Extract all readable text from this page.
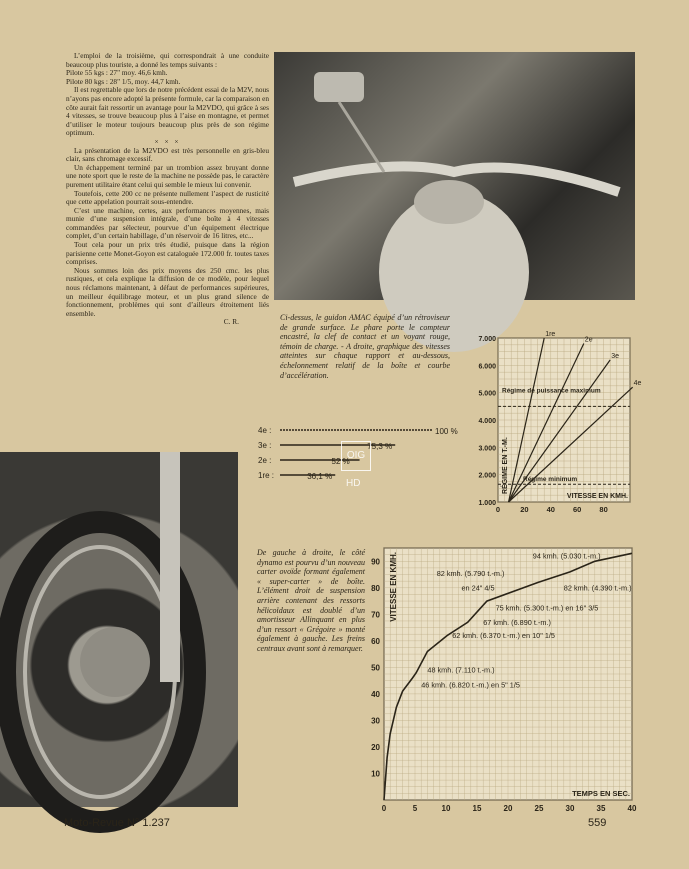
L’emploi de la troisième, qui correspondrait à une conduite beaucoup plus touriste, a donné les temps suivants :
Pilote 55 kgs : 27" moy. 46,6 kmh.
Pilote 80 kgs : 28" 1/5, moy. 44,7 kmh.

Il est regrettable que lors de notre précédent essai de la M2V, nous n’ayons pas encore adopté la présente formule, car la comparaison en côte aurait fait ressortir un avantage pour la M2VDO, qui grâce à ses 4 vitesses, se trouve beaucoup plus à l’aise en montagne, et permet d’utiliser le moteur toujours beaucoup plus près de son régime optimum.

× × ×

La présentation de la M2VDO est très personnelle en gris-bleu clair, sans chromage excessif.

Un échappement terminé par un trombion assez bruyant donne une note sport que le reste de la machine ne possède pas, le caractère purement utilitaire étant celui qui semble le mieux lui convenir.

Toutefois, cette 200 cc ne présente nullement l’aspect de rusticité que cette appelation pourrait sous-entendre.

C’est une machine, certes, aux performances moyennes, mais munie d’une suspension intégrale, d’une boîte à 4 vitesses commandées par sélecteur, pourvue d’un équipement électrique complet, d’un certain habillage, d’un réservoir de 16 litres, etc...

Tout cela pour un prix très étudié, puisque dans la région parisienne cette Monet-Goyon est cataloguée 172.000 fr. toutes taxes comprises.

Nous sommes loin des prix moyens des 250 cmc. les plus rustiques, et cela explique la diffusion de ce modèle, pour lequel nous réclamons maintenant, à défaut de performances supérieures, un meilleur équilibrage moteur, et un plus grand silence de fonctionnement, problèmes qui sont d’ailleurs étroitement liés ensemble.

C. R.	Ci-dessus, le guidon AMAC équipé d’un rétroviseur de grande surface. Le phare porte le compteur encastré, la clef de contact et un voyant rouge, témoin de charge. - A droite, graphique des vitesses atteintes sur chaque rapport et au-dessous, échelonnement relatif de la boîte et courbe d’accélération.
1.000
2.000
3.000
4.000
5.000
6.000
7.000
0	20 40 60 80
1re
2e
3e
4e
Régime de puissance maximum
Régime minimum
VITESSE EN KMH.
RÉGIME EN T.-M.
4e :	100 %
3e :	75,3 %
2e :	52 %
1re :	36,1 %
OIG
HD
De gauche à droite, le côté dynamo est pourvu d’un nouveau carter ovoïde formant également « super-carter » de boîte. L’élément droit de suspension arrière contenant des ressorts hélicoïdaux est doublé d’un amortisseur Allinquant en plus d’un ressort « Grégoire » monté également à gauche. Les freins centraux avant sont à remarquer.
10
20
30
40
50
60
70
80
90
0	5	10	15	20	25	30	35	40
94 kmh. (5.030 t.-m.)
82 kmh. (5.790 t.-m.)
en 24" 4/5	82 kmh. (4.390 t.-m.)
75 kmh. (5.300 t.-m.) en 16" 3/5
67 kmh. (6.890 t.-m.)
62 kmh. (6.370 t.-m.) en 10" 1/5
48 kmh. (7.110 t.-m.)
46 kmh. (6.820 t.-m.) en 5" 1/5
TEMPS EN SEC.
VITESSE EN KMH.
Moto-Revue N° 1.237	559
